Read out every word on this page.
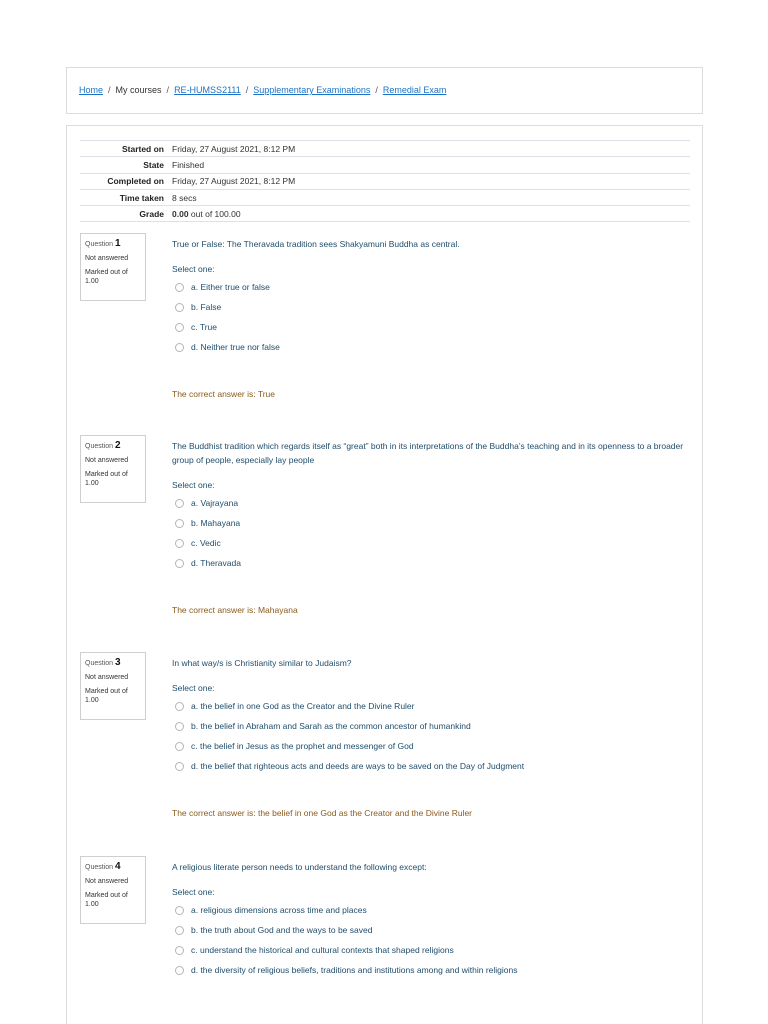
Home / My courses / RE-HUMSS2111 / Supplementary Examinations / Remedial Exam
Started on	Friday, 27 August 2021, 8:12 PM
State	Finished
Completed on	Friday, 27 August 2021, 8:12 PM
Time taken	8 secs
Grade	0.00 out of 100.00
Question 1
Not answered
Marked out of 1.00
True or False: The Theravada tradition sees Shakyamuni Buddha as central.
Select one:
a. Either true or false
b. False
c. True
d. Neither true nor false
The correct answer is: True
Question 2
Not answered
Marked out of 1.00
The Buddhist tradition which regards itself as “great” both in its interpretations of the Buddha’s teaching and in its openness to a broader group of people, especially lay people
Select one:
a. Vajrayana
b. Mahayana
c. Vedic
d. Theravada
The correct answer is: Mahayana
Question 3
Not answered
Marked out of 1.00
In what way/s is Christianity similar to Judaism?
Select one:
a. the belief in one God as the Creator and the Divine Ruler
b. the belief in Abraham and Sarah as the common ancestor of humankind
c. the belief in Jesus as the prophet and messenger of God
d. the belief that righteous acts and deeds are ways to be saved on the Day of Judgment
The correct answer is: the belief in one God as the Creator and the Divine Ruler
Question 4
Not answered
Marked out of 1.00
A religious literate person needs to understand the following except:
Select one:
a. religious dimensions across time and places
b. the truth about God and the ways to be saved
c. understand the historical and cultural contexts that shaped religions
d. the diversity of religious beliefs, traditions and institutions among and within religions
